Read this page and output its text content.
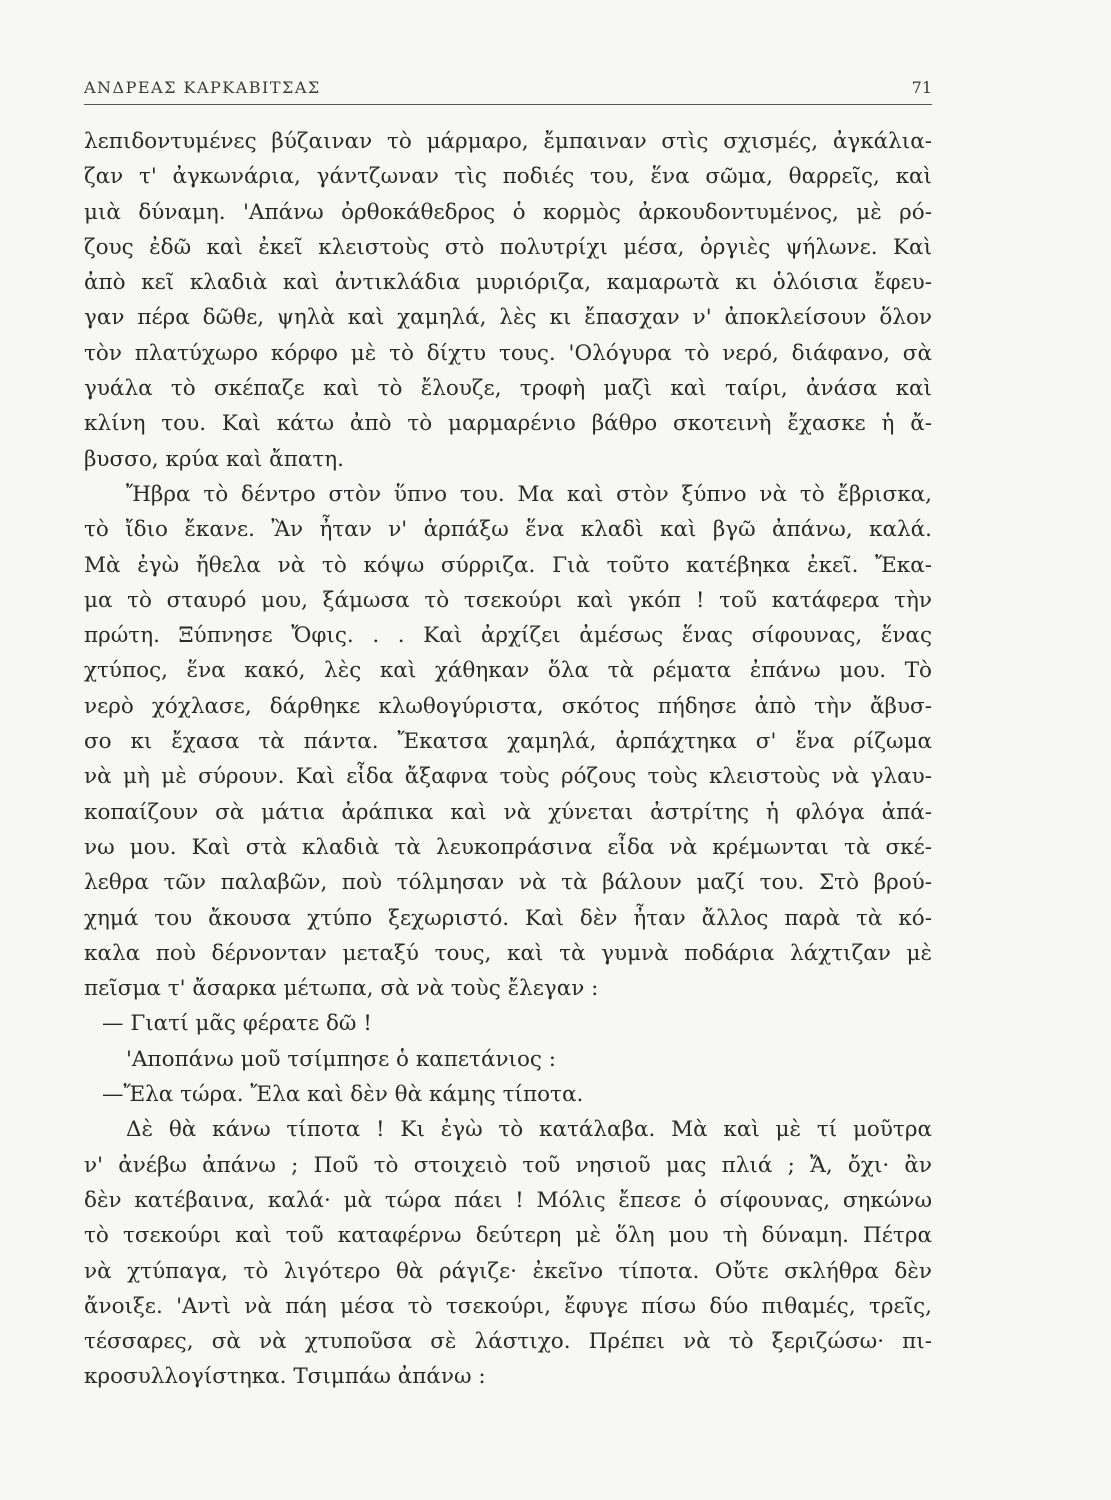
ΑΝΔΡΕΑΣ ΚΑΡΚΑΒΙΤΣΑΣ	71
λεπιδοντυμένες βύζαιναν τὸ μάρμαρο, ἔμπαιναν στὶς σχισμές, ἀγκάλια-
ζαν τ' ἀγκωνάρια, γάντζωναν τὶς ποδιές του, ἕνα σῶμα, θαρρεῖς, καὶ
μιὰ δύναμη. 'Απάνω ὀρθοκάθεδρος ὁ κορμὸς ἀρκουδοντυμένος, μὲ ρό-
ζους ἐδῶ καὶ ἐκεῖ κλειστοὺς στὸ πολυτρίχι μέσα, ὀργιὲς ψήλωνε. Καὶ
ἀπὸ κεῖ κλαδιὰ καὶ ἀντικλάδια μυριόριζα, καμαρωτὰ κι ὁλόισια ἔφευ-
γαν πέρα δῶθε, ψηλὰ καὶ χαμηλά, λὲς κι ἔπασχαν ν' ἀποκλείσουν ὅλον
τὸν πλατύχωρο κόρφο μὲ τὸ δίχτυ τους. 'Ολόγυρα τὸ νερό, διάφανο, σὰ
γυάλα τὸ σκέπαζε καὶ τὸ ἔλουζε, τροφὴ μαζὶ καὶ ταίρι, ἀνάσα καὶ
κλίνη του. Καὶ κάτω ἀπὸ τὸ μαρμαρένιο βάθρο σκοτεινὴ ἔχασκε ἡ ἄ-
βυσσο, κρύα καὶ ἄπατη.
Ἤβρα τὸ δέντρο στὸν ὕπνο του. Μα καὶ στὸν ξύπνο νὰ τὸ ἔβρισκα,
τὸ ἴδιο ἔκανε. Ἂν ἦταν ν' ἁρπάξω ἕνα κλαδὶ καὶ βγῶ ἀπάνω, καλά.
Μὰ ἐγὼ ἤθελα νὰ τὸ κόψω σύρριζα. Γιὰ τοῦτο κατέβηκα ἐκεῖ. Ἔκα-
μα τὸ σταυρό μου, ξάμωσα τὸ τσεκούρι καὶ γκόπ ! τοῦ κατάφερα τὴν
πρώτη. Ξύπνησε Ὄφις. . . Καὶ ἀρχίζει ἀμέσως ἕνας σίφουνας, ἕνας
χτύπος, ἕνα κακό, λὲς καὶ χάθηκαν ὅλα τὰ ρέματα ἐπάνω μου. Τὸ
νερὸ χόχλασε, δάρθηκε κλωθογύριστα, σκότος πήδησε ἀπὸ τὴν ἄβυσ-
σο κι ἔχασα τὰ πάντα. Ἔκατσα χαμηλά, ἀρπάχτηκα σ' ἕνα ρίζωμα
νὰ μὴ μὲ σύρουν. Καὶ εἶδα ἄξαφνα τοὺς ρόζους τοὺς κλειστοὺς νὰ γλαυ-
κοπαίζουν σὰ μάτια ἀράπικα καὶ νὰ χύνεται ἀστρίτης ἡ φλόγα ἀπά-
νω μου. Καὶ στὰ κλαδιὰ τὰ λευκοπράσινα εἶδα νὰ κρέμωνται τὰ σκέ-
λεθρα τῶν παλαβῶν, ποὺ τόλμησαν νὰ τὰ βάλουν μαζί του. Στὸ βρού-
χημά του ἄκουσα χτύπο ξεχωριστό. Καὶ δὲν ἦταν ἄλλος παρὰ τὰ κό-
καλα ποὺ δέρνονταν μεταξύ τους, καὶ τὰ γυμνὰ ποδάρια λάχτιζαν μὲ
πεῖσμα τ' ἄσαρκα μέτωπα, σὰ νὰ τοὺς ἔλεγαν :
— Γιατί μᾶς φέρατε δῶ !
'Αποπάνω μοῦ τσίμπησε ὁ καπετάνιος :
—Ἔλα τώρα. Ἔλα καὶ δὲν θὰ κάμης τίποτα.
Δὲ θὰ κάνω τίποτα ! Κι ἐγὼ τὸ κατάλαβα. Μὰ καὶ μὲ τί μοῦτρα
ν' ἀνέβω ἀπάνω ; Ποῦ τὸ στοιχειὸ τοῦ νησιοῦ μας πλιά ; Ἄ, ὄχι· ἂν
δὲν κατέβαινα, καλά· μὰ τώρα πάει ! Μόλις ἔπεσε ὁ σίφουνας, σηκώνω
τὸ τσεκούρι καὶ τοῦ καταφέρνω δεύτερη μὲ ὅλη μου τὴ δύναμη. Πέτρα
νὰ χτύπαγα, τὸ λιγότερο θὰ ράγιζε· ἐκεῖνο τίποτα. Οὔτε σκλήθρα δὲν
ἄνοιξε. 'Αντὶ νὰ πάη μέσα τὸ τσεκούρι, ἔφυγε πίσω δύο πιθαμές, τρεῖς,
τέσσαρες, σὰ νὰ χτυποῦσα σὲ λάστιχο. Πρέπει νὰ τὸ ξεριζώσω· πι-
κροσυλλογίστηκα. Τσιμπάω ἀπάνω :
